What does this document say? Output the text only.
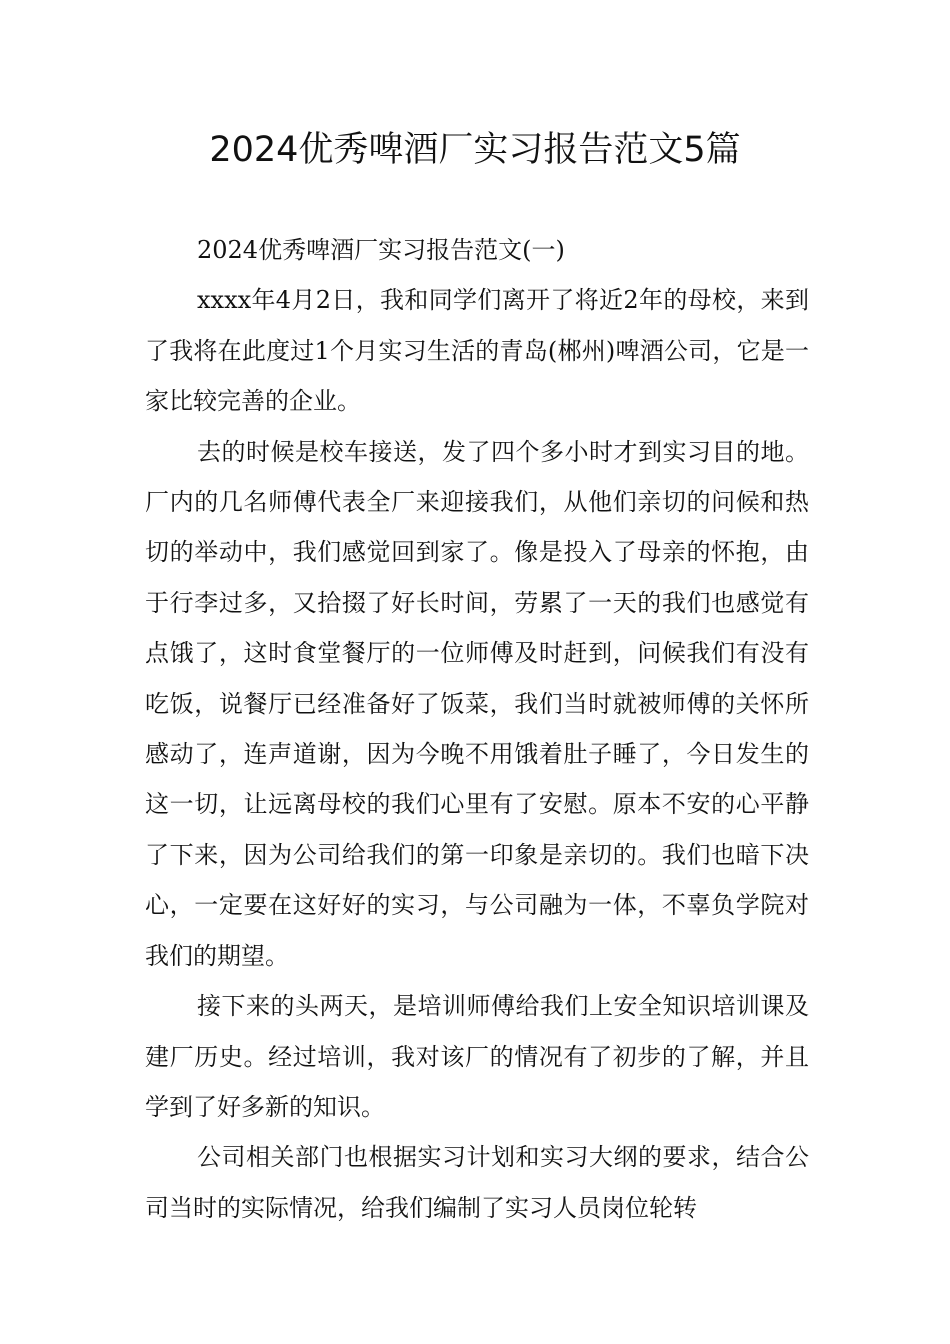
2024优秀啤酒厂实习报告范文5篇

2024优秀啤酒厂实习报告范文(一)

xxxx年4月2日，我和同学们离开了将近2年的母校，来到了我将在此度过1个月实习生活的青岛(郴州)啤酒公司，它是一家比较完善的企业。

去的时候是校车接送，发了四个多小时才到实习目的地。厂内的几名师傅代表全厂来迎接我们，从他们亲切的问候和热切的举动中，我们感觉回到家了。像是投入了母亲的怀抱，由于行李过多，又拾掇了好长时间，劳累了一天的我们也感觉有点饿了，这时食堂餐厅的一位师傅及时赶到，问候我们有没有吃饭，说餐厅已经准备好了饭菜，我们当时就被师傅的关怀所感动了，连声道谢，因为今晚不用饿着肚子睡了，今日发生的这一切，让远离母校的我们心里有了安慰。原本不安的心平静了下来，因为公司给我们的第一印象是亲切的。我们也暗下决心，一定要在这好好的实习，与公司融为一体，不辜负学院对我们的期望。

接下来的头两天，是培训师傅给我们上安全知识培训课及建厂历史。经过培训，我对该厂的情况有了初步的了解，并且学到了好多新的知识。

公司相关部门也根据实习计划和实习大纲的要求，结合公司当时的实际情况，给我们编制了实习人员岗位轮转
